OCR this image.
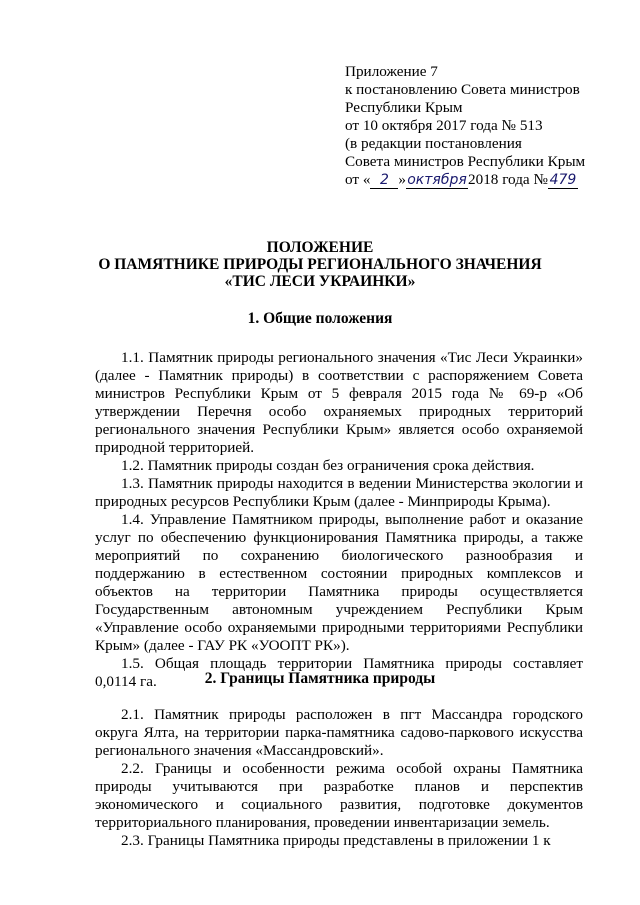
Приложение 7
к постановлению Совета министров
Республики Крым
от 10 октября 2017 года № 513
(в редакции постановления
Совета министров Республики Крым
от « 2 »октября2018 года № 479
ПОЛОЖЕНИЕ
О ПАМЯТНИКЕ ПРИРОДЫ РЕГИОНАЛЬНОГО ЗНАЧЕНИЯ
«ТИС ЛЕСИ УКРАИНКИ»
1. Общие положения
1.1. Памятник природы регионального значения «Тис Леси Украинки» (далее - Памятник природы) в соответствии с распоряжением Совета министров Республики Крым от 5 февраля 2015 года № 69-р «Об утверждении Перечня особо охраняемых природных территорий регионального значения Республики Крым» является особо охраняемой природной территорией.
1.2. Памятник природы создан без ограничения срока действия.
1.3. Памятник природы находится в ведении Министерства экологии и природных ресурсов Республики Крым (далее - Минприроды Крыма).
1.4. Управление Памятником природы, выполнение работ и оказание услуг по обеспечению функционирования Памятника природы, а также мероприятий по сохранению биологического разнообразия и поддержанию в естественном состоянии природных комплексов и объектов на территории Памятника природы осуществляется Государственным автономным учреждением Республики Крым «Управление особо охраняемыми природными территориями Республики Крым» (далее - ГАУ РК «УООПТ РК»).
1.5. Общая площадь территории Памятника природы составляет 0,0114 га.	2. Границы Памятника природы
2.1. Памятник природы расположен в пгт Массандра городского округа Ялта, на территории парка-памятника садово-паркового искусства регионального значения «Массандровский».
2.2. Границы и особенности режима особой охраны Памятника природы учитываются при разработке планов и перспектив экономического и социального развития, подготовке документов территориального планирования, проведении инвентаризации земель.
2.3. Границы Памятника природы представлены в приложении 1 к
